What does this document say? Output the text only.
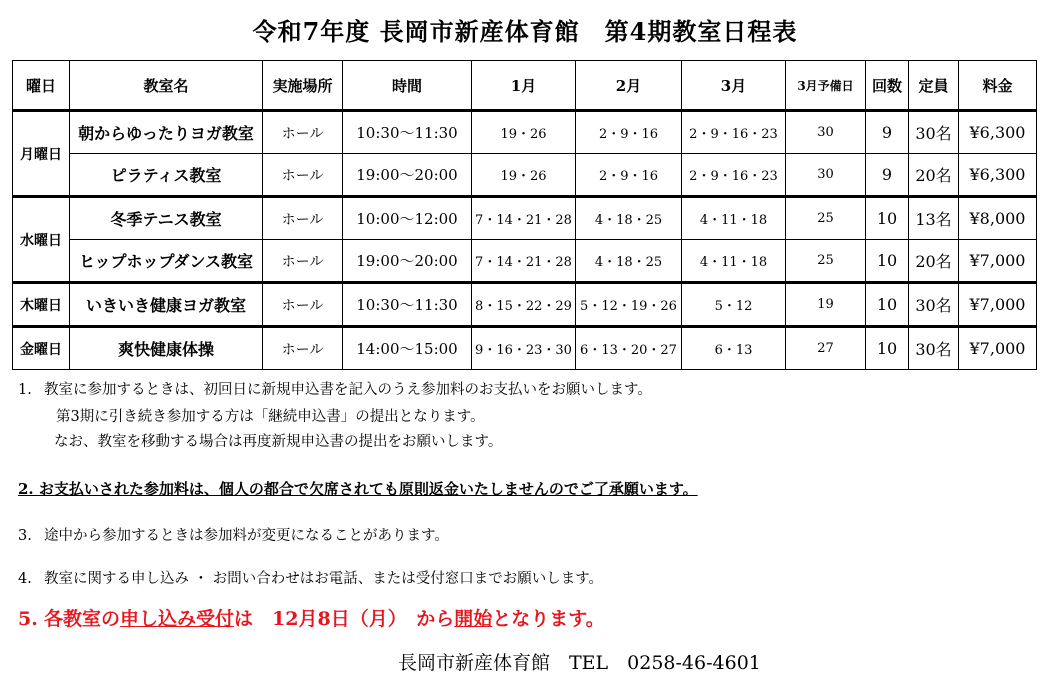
令和7年度 長岡市新産体育館　第4期教室日程表
曜日	教室名	実施場所	時間	1月	2月	3月	3月予備日	回数	定員	料金
月曜日	朝からゆったりヨガ教室	ホール	10:30～11:30	19・26	2・9・16	2・9・16・23	30	9	30名	¥6,300
	ピラティス教室	ホール	19:00～20:00	19・26	2・9・16	2・9・16・23	30	9	20名	¥6,300
水曜日	冬季テニス教室	ホール	10:00～12:00	7・14・21・28	4・18・25	4・11・18	25	10	13名	¥8,000
	ヒップホップダンス教室	ホール	19:00～20:00	7・14・21・28	4・18・25	4・11・18	25	10	20名	¥7,000
木曜日	いきいき健康ヨガ教室	ホール	10:30～11:30	8・15・22・29	5・12・19・26	5・12	19	10	30名	¥7,000
金曜日	爽快健康体操	ホール	14:00～15:00	9・16・23・30	6・13・20・27	6・13	27	10	30名	¥7,000
1. 教室に参加するときは、初回日に新規申込書を記入のうえ参加料のお支払いをお願いします。
第3期に引き続き参加する方は「継続申込書」の提出となります。
なお、教室を移動する場合は再度新規申込書の提出をお願いします。
2. お支払いされた参加料は、個人の都合で欠席されても原則返金いたしませんのでご了承願います。
3. 途中から参加するときは参加料が変更になることがあります。
4. 教室に関する申し込み ・ お問い合わせはお電話、または受付窓口までお願いします。
5. 各教室の申し込み受付は　12月8日（月）　から開始となります。
長岡市新産体育館　TEL　0258-46-4601
